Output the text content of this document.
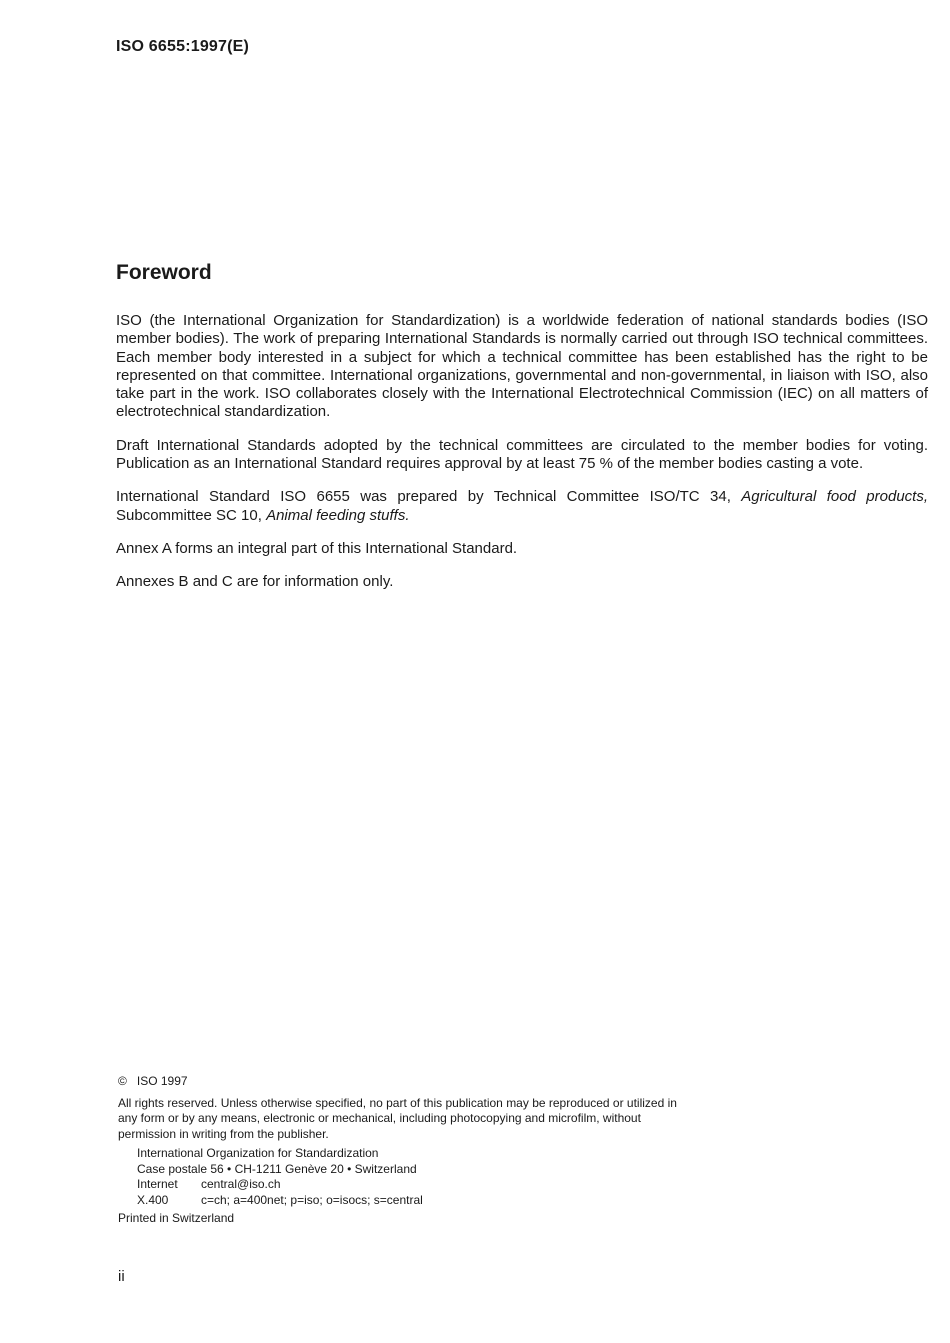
ISO 6655:1997(E)
Foreword

ISO (the International Organization for Standardization) is a worldwide federation of national standards bodies (ISO member bodies). The work of preparing International Standards is normally carried out through ISO technical committees. Each member body interested in a subject for which a technical committee has been established has the right to be represented on that committee. International organizations, governmental and non-governmental, in liaison with ISO, also take part in the work. ISO collaborates closely with the International Electrotechnical Commission (IEC) on all matters of electrotechnical standardization.

Draft International Standards adopted by the technical committees are circulated to the member bodies for voting. Publication as an International Standard requires approval by at least 75 % of the member bodies casting a vote.

International Standard ISO 6655 was prepared by Technical Committee ISO/TC 34, Agricultural food products, Subcommittee SC 10, Animal feeding stuffs.

Annex A forms an integral part of this International Standard.

Annexes B and C are for information only.

© ISO 1997
All rights reserved. Unless otherwise specified, no part of this publication may be reproduced or utilized in any form or by any means, electronic or mechanical, including photocopying and microfilm, without permission in writing from the publisher.
International Organization for Standardization
Case postale 56 • CH-1211 Genève 20 • Switzerland
Internet central@iso.ch
X.400	c=ch; a=400net; p=iso; o=isocs; s=central
Printed in Switzerland
ii
